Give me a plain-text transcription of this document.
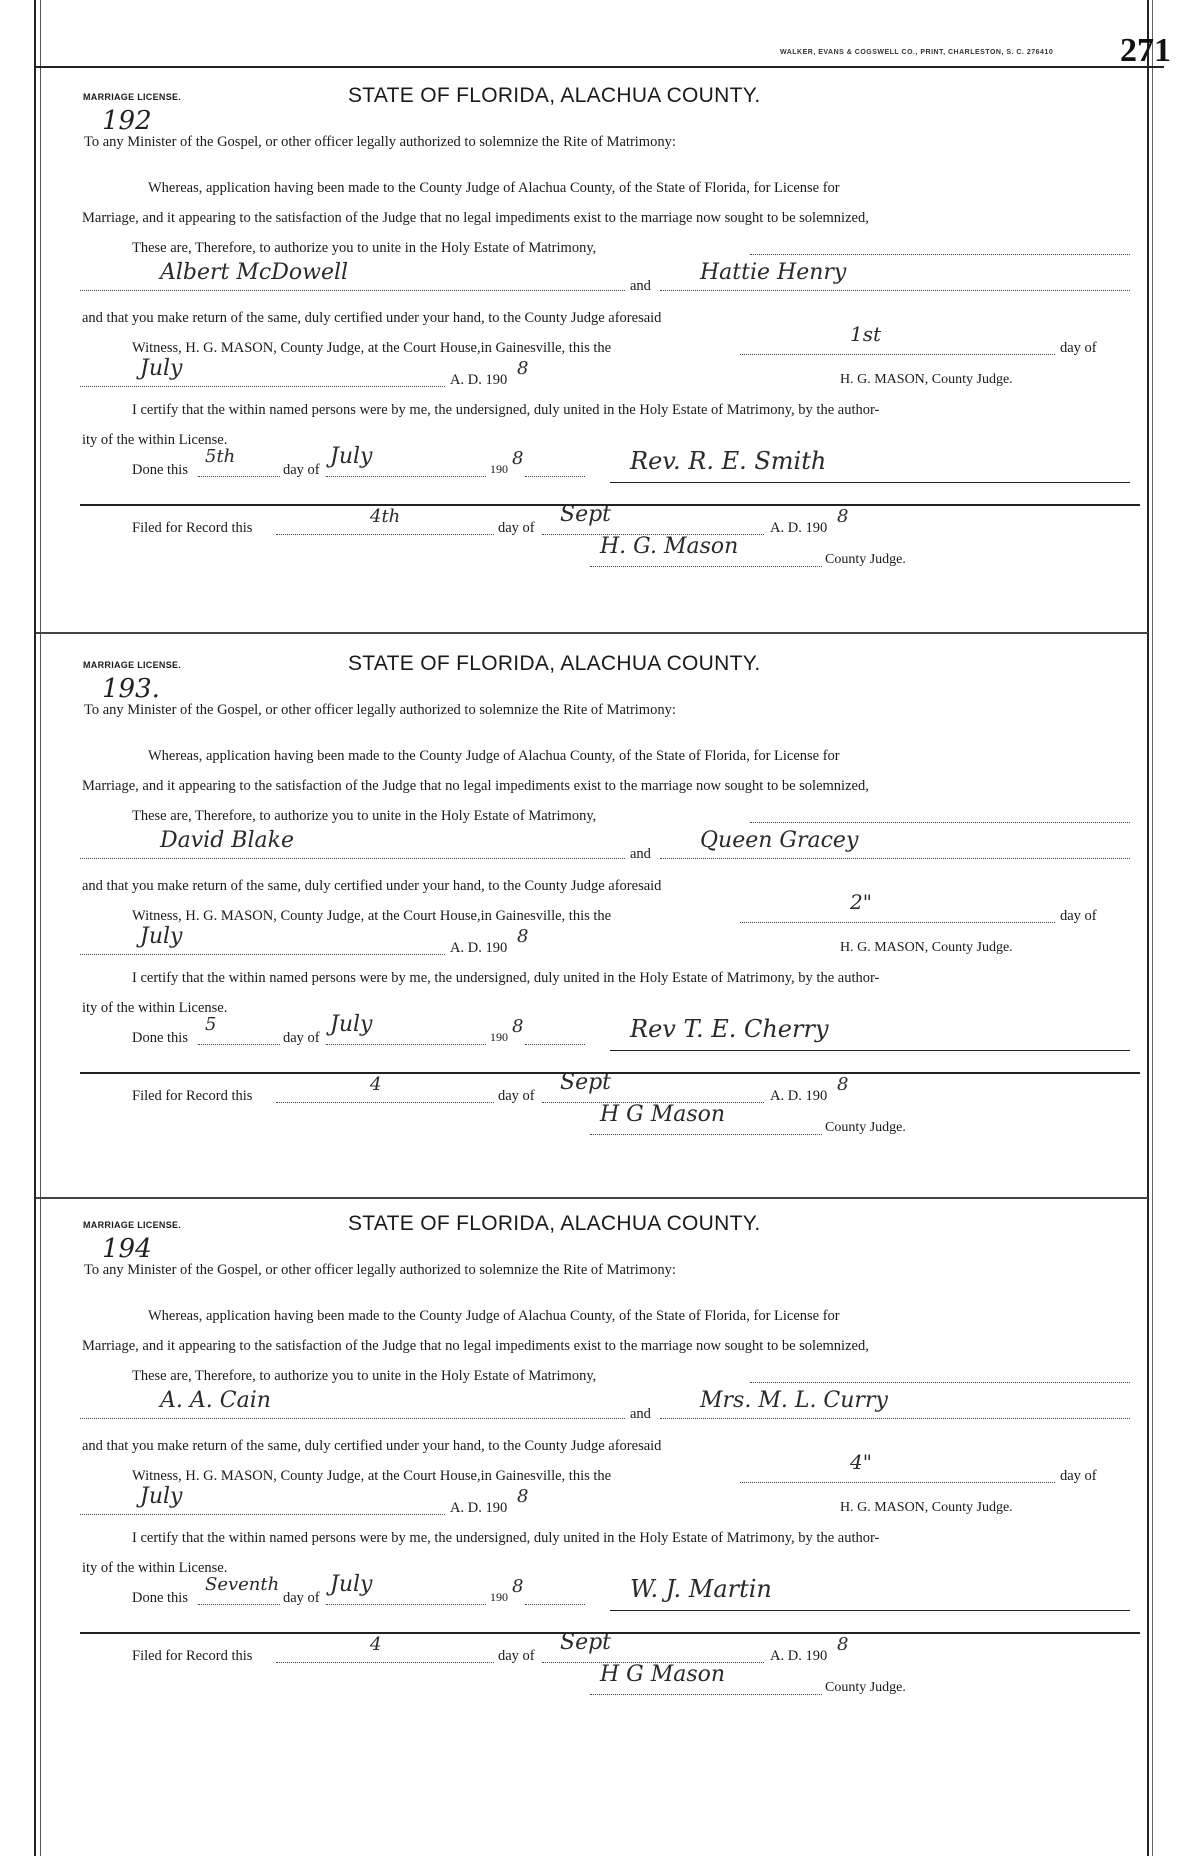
WALKER, EVANS & COGSWELL CO., PRINT, CHARLESTON, S. C. 276410 271
MARRIAGE LICENSE.
192
STATE OF FLORIDA, ALACHUA COUNTY.
To any Minister of the Gospel, or other officer legally authorized to solemnize the Rite of Matrimony:
Whereas, application having been made to the County Judge of Alachua County, of the State of Florida, for License for
Marriage, and it appearing to the satisfaction of the Judge that no legal impediments exist to the marriage now sought to be solemnized,
These are, Therefore, to authorize you to unite in the Holy Estate of Matrimony,
Albert McDowell
and
Hattie Henry
and that you make return of the same, duly certified under your hand, to the County Judge aforesaid
Witness, H. G. MASON, County Judge, at the Court House,in Gainesville, this the
1st
day of
July	A. D. 190
8
H. G. MASON, County Judge.
I certify that the within named persons were by me, the undersigned, duly united in the Holy Estate of Matrimony, by the author-
ity of the within License.
Done this
5th
day of
July	190 8	Rev. R. E. Smith
Filed for Record this
4th
day of
Sept
A. D. 190
8
H. G. Mason
County Judge.
MARRIAGE LICENSE.
193.
STATE OF FLORIDA, ALACHUA COUNTY.
To any Minister of the Gospel, or other officer legally authorized to solemnize the Rite of Matrimony:
Whereas, application having been made to the County Judge of Alachua County, of the State of Florida, for License for
Marriage, and it appearing to the satisfaction of the Judge that no legal impediments exist to the marriage now sought to be solemnized,
These are, Therefore, to authorize you to unite in the Holy Estate of Matrimony,
David Blake
and
Queen Gracey
and that you make return of the same, duly certified under your hand, to the County Judge aforesaid
Witness, H. G. MASON, County Judge, at the Court House,in Gainesville, this the
2"
day of
July	A. D. 190
8
H. G. MASON, County Judge.
I certify that the within named persons were by me, the undersigned, duly united in the Holy Estate of Matrimony, by the author-
ity of the within License.
Done this
5
day of
July	190 8	Rev T. E. Cherry
Filed for Record this
4
day of
Sept
A. D. 190
8
H G Mason
County Judge.
MARRIAGE LICENSE.
194
STATE OF FLORIDA, ALACHUA COUNTY.
To any Minister of the Gospel, or other officer legally authorized to solemnize the Rite of Matrimony:
Whereas, application having been made to the County Judge of Alachua County, of the State of Florida, for License for
Marriage, and it appearing to the satisfaction of the Judge that no legal impediments exist to the marriage now sought to be solemnized,
These are, Therefore, to authorize you to unite in the Holy Estate of Matrimony,
A. A. Cain
and
Mrs. M. L. Curry
and that you make return of the same, duly certified under your hand, to the County Judge aforesaid
Witness, H. G. MASON, County Judge, at the Court House,in Gainesville, this the
4"
day of
July	A. D. 190
8
H. G. MASON, County Judge.
I certify that the within named persons were by me, the undersigned, duly united in the Holy Estate of Matrimony, by the author-
ity of the within License.
Done this
Seventh
day of
July	190 8	W. J. Martin
Filed for Record this
4
day of
Sept
A. D. 190
8
H G Mason
County Judge.
